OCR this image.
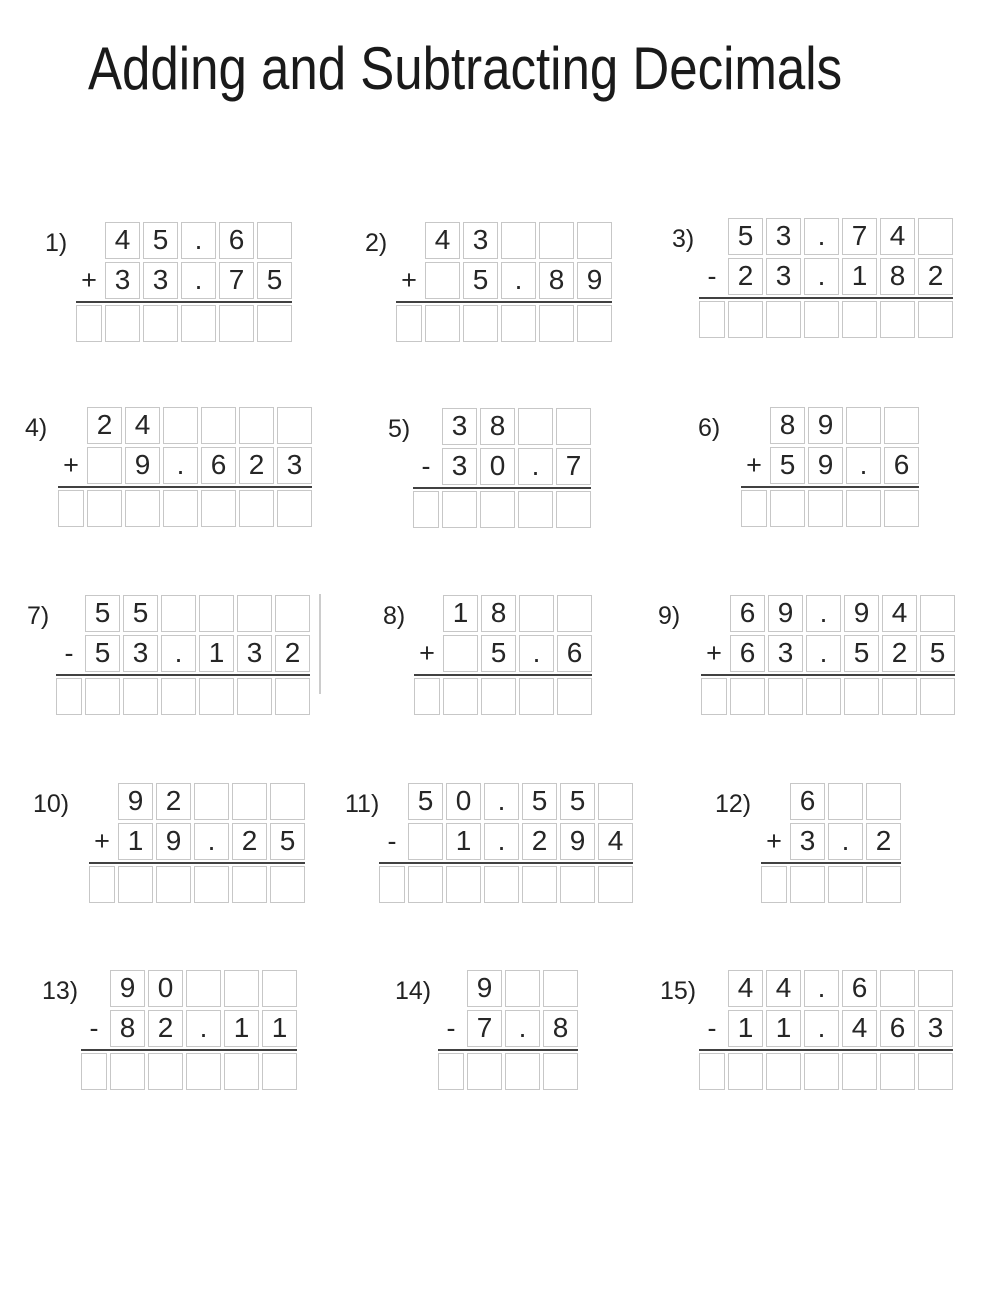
Adding and Subtracting Decimals
1)	4 5 . 6
+ 3 3 . 7 5
2)	4 3
+	5 . 8 9
3)	5 3 . 7 4
- 2 3 . 1 8 2
4)	2 4
+	9 . 6 2 3
5)	3 8
- 3 0 . 7
6)	8 9
+ 5 9 . 6
7)	5 5
- 5 3 . 1 3 2
8)	1 8
+	5 . 6
9)	6 9 . 9 4
+ 6 3 . 5 2 5
10)	9 2
+ 1 9 . 2 5
11)	5 0 . 5 5
-	1 . 2 9 4
12)	6
+ 3 . 2
13)	9 0
- 8 2 . 1 1
14)	9
- 7 . 8
15)	4 4 . 6
- 1 1 . 4 6 3
